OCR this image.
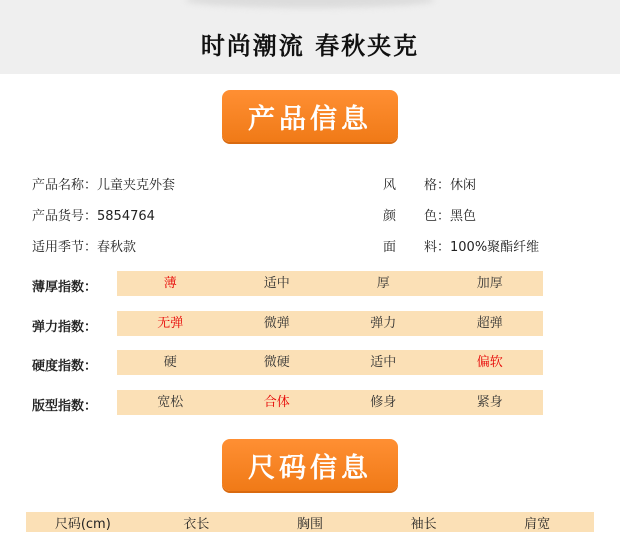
时尚潮流 春秋夹克
产品信息
产品名称：儿童夹克外套
产品货号：5854764
适用季节：春秋款
风格：休闲
颜色：黑色
面料：100%聚酯纤维
薄厚指数：	薄	适中	厚	加厚
弹力指数：	无弹	微弹	弹力	超弹
硬度指数：	硬	微硬	适中	偏软
版型指数：	宽松	合体	修身	紧身
尺码信息
尺码(cm)	衣长	胸围	袖长	肩宽
